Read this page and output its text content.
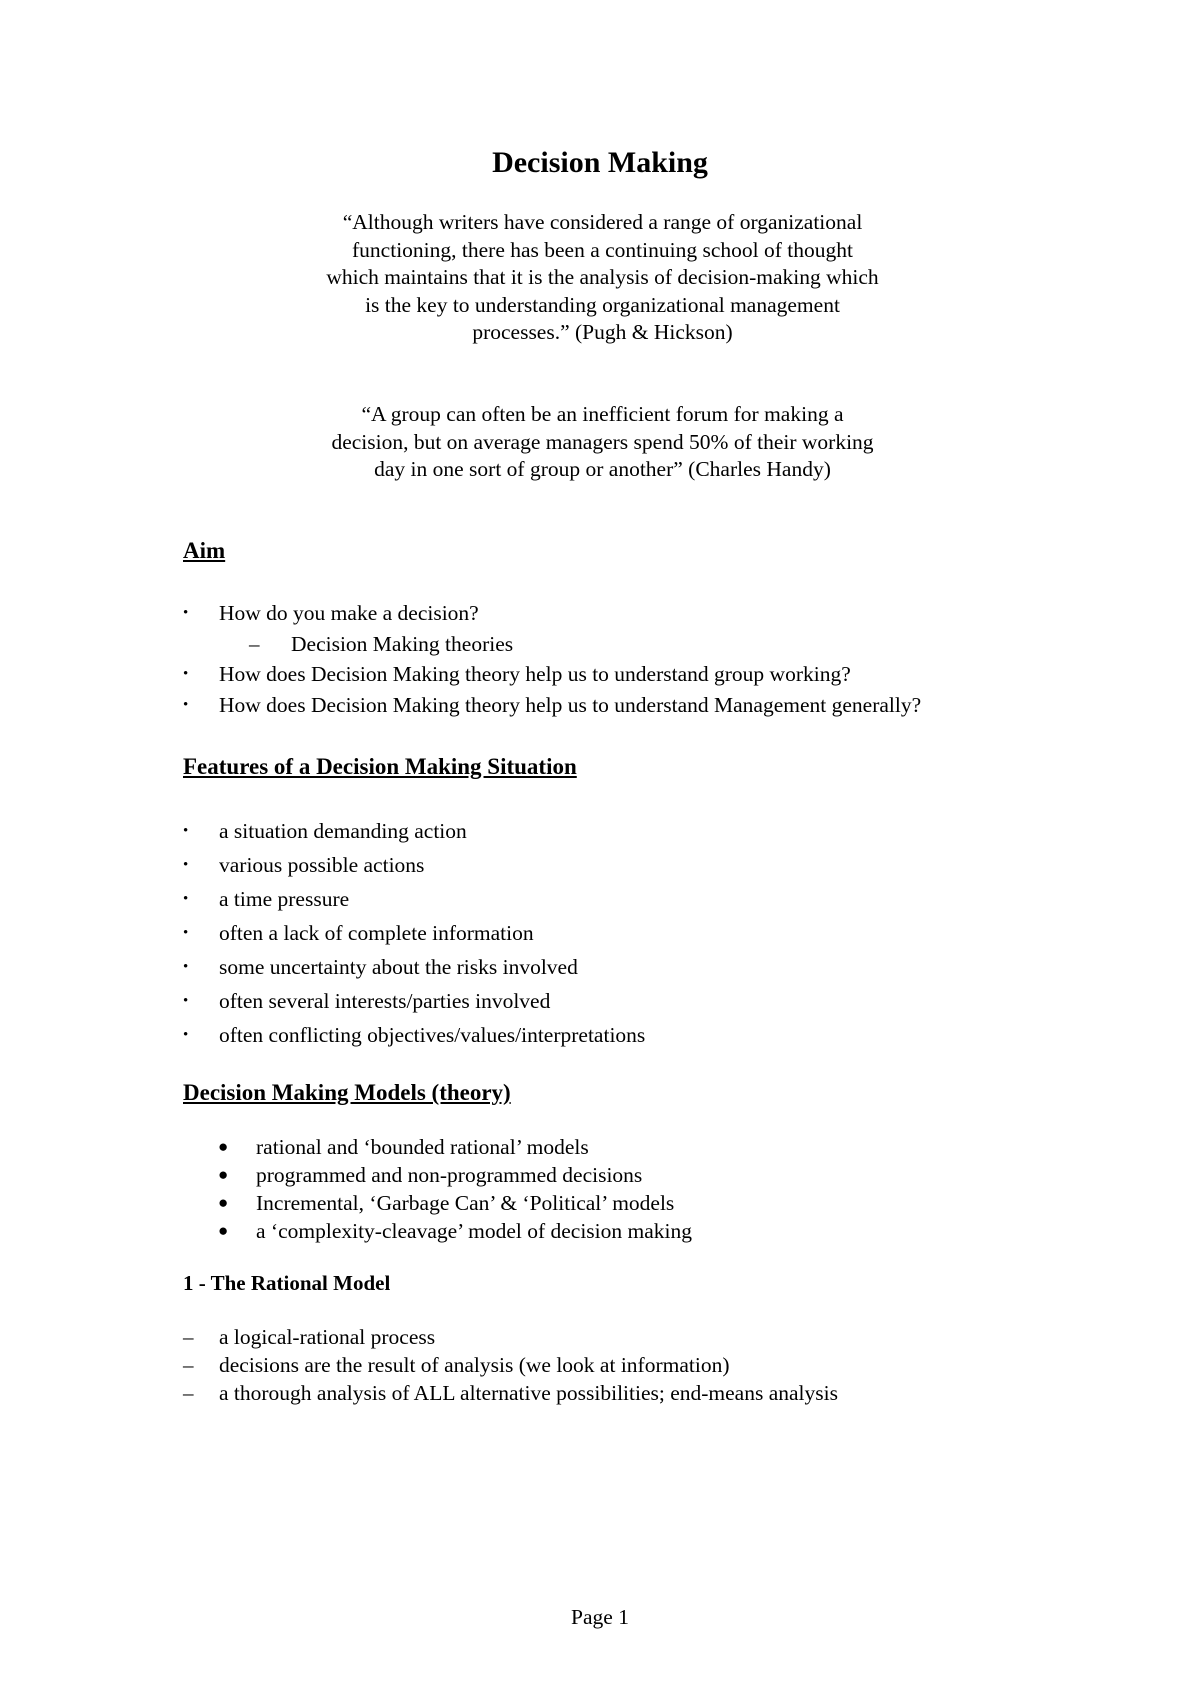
Decision Making
“Although writers have considered a range of organizational functioning, there has been a continuing school of thought which maintains that it is the analysis of decision-making which is the key to understanding organizational management processes.” (Pugh & Hickson)
“A group can often be an inefficient forum for making a decision, but on average managers spend 50% of their working day in one sort of group or another” (Charles Handy)
Aim
• How do you make a decision?
– Decision Making theories
• How does Decision Making theory help us to understand group working?
• How does Decision Making theory help us to understand Management generally?
Features of a Decision Making Situation
• a situation demanding action
• various possible actions
• a time pressure
• often a lack of complete information
• some uncertainty about the risks involved
• often several interests/parties involved
• often conflicting objectives/values/interpretations
Decision Making Models (theory)
● rational and ‘bounded rational’ models
● programmed and non-programmed decisions
● Incremental, ‘Garbage Can’ & ‘Political’ models
● a ‘complexity-cleavage’ model of decision making
1 - The Rational Model
– a logical-rational process
– decisions are the result of analysis (we look at information)
– a thorough analysis of ALL alternative possibilities; end-means analysis
Page 1
